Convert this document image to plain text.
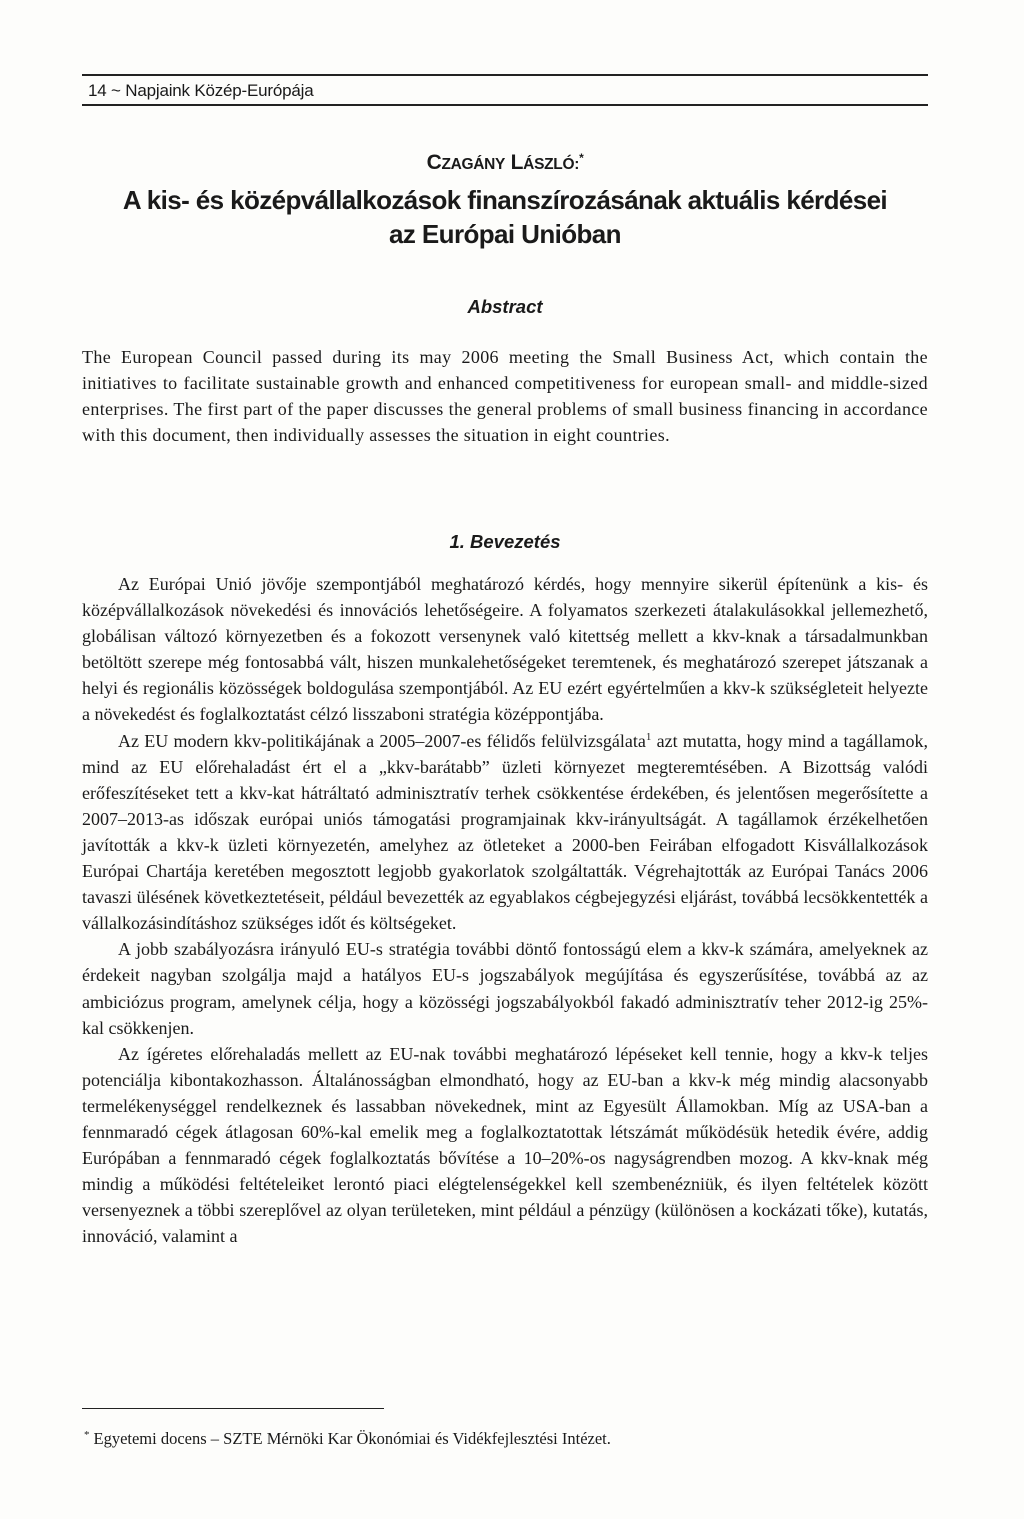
14 ~ Napjaink Közép-Európája
CZAGÁNY LÁSZLÓ:*
A kis- és középvállalkozások finanszírozásának aktuális kérdései
az Európai Unióban
Abstract
The European Council passed during its may 2006 meeting the Small Business Act, which contain the initiatives to facilitate sustainable growth and enhanced competitiveness for european small- and middle-sized enterprises. The first part of the paper discusses the general problems of small business financing in accordance with this document, then individually assesses the situation in eight countries.
1. Bevezetés

Az Európai Unió jövője szempontjából meghatározó kérdés, hogy mennyire sikerül építenünk a kis- és középvállalkozások növekedési és innovációs lehetőségeire. A folyamatos szerkezeti átalakulásokkal jellemezhető, globálisan változó környezetben és a fokozott versenynek való kitettség mellett a kkv-knak a társadalmunkban betöltött szerepe még fontosabbá vált, hiszen munkalehetőségeket teremtenek, és meghatározó szerepet játszanak a helyi és regionális közösségek boldogulása szempontjából. Az EU ezért egyértelműen a kkv-k szükségleteit helyezte a növekedést és foglalkoztatást célzó lisszaboni stratégia középpontjába.

Az EU modern kkv-politikájának a 2005–2007-es félidős felülvizsgálata$^1$ azt mutatta, hogy mind a tagállamok, mind az EU előrehaladást ért el a „kkv-barátabb” üzleti környezet megteremtésében. A Bizottság valódi erőfeszítéseket tett a kkv-kat hátráltató adminisztratív terhek csökkentése érdekében, és jelentősen megerősítette a 2007–2013-as időszak európai uniós támogatási programjainak kkv-irányultságát. A tagállamok érzékelhetően javították a kkv-k üzleti környezetén, amelyhez az ötleteket a 2000-ben Feirában elfogadott Kisvállalkozások Európai Chartája keretében megosztott legjobb gyakorlatok szolgáltatták. Végrehajtották az Európai Tanács 2006 tavaszi ülésének következtetéseit, például bevezették az egyablakos cégbejegyzési eljárást, továbbá lecsökkentették a vállalkozásindításhoz szükséges időt és költségeket.

A jobb szabályozásra irányuló EU-s stratégia további döntő fontosságú elem a kkv-k számára, amelyeknek az érdekeit nagyban szolgálja majd a hatályos EU-s jogszabályok megújítása és egyszerűsítése, továbbá az az ambiciózus program, amelynek célja, hogy a közösségi jogszabályokból fakadó adminisztratív teher 2012-ig 25%-kal csökkenjen.

Az ígéretes előrehaladás mellett az EU-nak további meghatározó lépéseket kell tennie, hogy a kkv-k teljes potenciálja kibontakozhasson. Általánosságban elmondható, hogy az EU-ban a kkv-k még mindig alacsonyabb termelékenységgel rendelkeznek és lassabban növekednek, mint az Egyesült Államokban. Míg az USA-ban a fennmaradó cégek átlagosan 60%-kal emelik meg a foglalkoztatottak létszámát működésük hetedik évére, addig Európában a fennmaradó cégek foglalkoztatás bővítése a 10–20%-os nagyságrendben mozog. A kkv-knak még mindig a működési feltételeiket lerontó piaci elégtelenségekkel kell szembenézniük, és ilyen feltételek között versenyeznek a többi szereplővel az olyan területeken, mint például a pénzügy (különösen a kockázati tőke), kutatás, innováció, valamint a

* Egyetemi docens – SZTE Mérnöki Kar Ökonómiai és Vidékfejlesztési Intézet.
